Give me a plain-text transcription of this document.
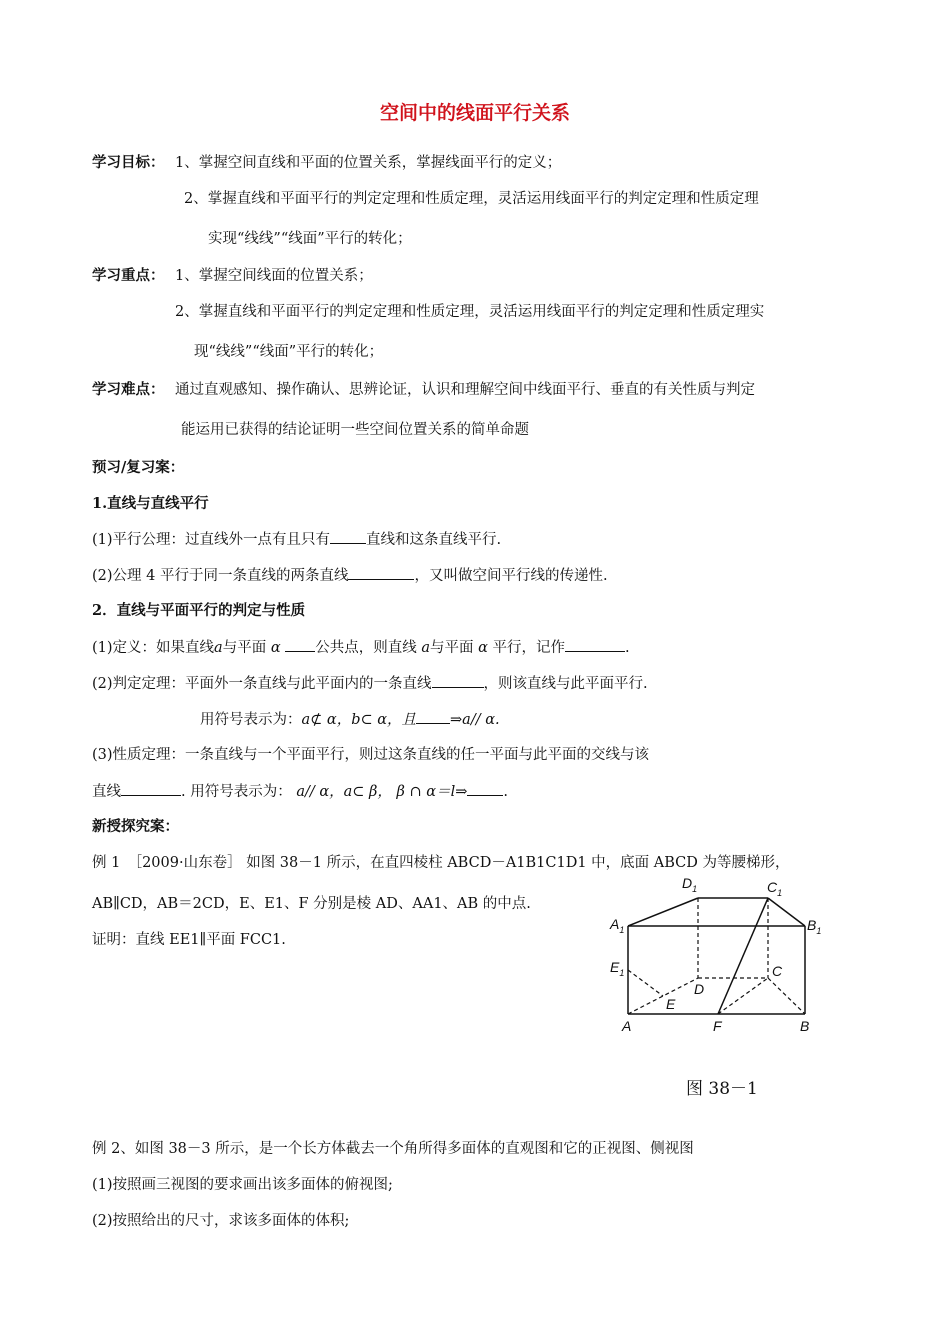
空间中的线面平行关系
学习目标： 1、掌握空间直线和平面的位置关系，掌握线面平行的定义；
2、掌握直线和平面平行的判定定理和性质定理，灵活运用线面平行的判定定理和性质定理
实现“线线”“线面”平行的转化；
学习重点： 1、掌握空间线面的位置关系；
2、掌握直线和平面平行的判定定理和性质定理，灵活运用线面平行的判定定理和性质定理实
现“线线”“线面”平行的转化；
学习难点： 通过直观感知、操作确认、思辨论证，认识和理解空间中线面平行、垂直的有关性质与判定
能运用已获得的结论证明一些空间位置关系的简单命题
预习/复习案：
1.直线与直线平行
(1)平行公理：过直线外一点有且只有 直线和这条直线平行.
(2)公理 4 平行于同一条直线的两条直线	，又叫做空间平行线的传递性.
2．直线与平面平行的判定与性质
(1)定义：如果直线a与平面 α 公共点，则直线 a与平面 α 平行，记作	.
(2)判定定理：平面外一条直线与此平面内的一条直线	，则该直线与此平面平行.
用符号表示为：a⊄ α，b⊂ α，且 ⇒a// α.
(3)性质定理：一条直线与一个平面平行，则过这条直线的任一平面与此平面的交线与该
直线	. 用符号表示为： a// α，a⊂ β， β ∩ α＝l⇒ .
新授探究案：
例 1　［2009·山东卷］ 如图 38－1 所示，在直四棱柱 ABCD－A1B1C1D1 中，底面 ABCD 为等腰梯形，
AB∥CD，AB＝2CD，E、E1、F 分别是棱 AD、AA1、AB 的中点.
证明：直线 EE1∥平面 FCC1.
$D_1$	$C_1$
$A_1$	$B_1$
$E_1$	C
D
E
A	F	B
图 38－1
例 2、如图 38－3 所示，是一个长方体截去一个角所得多面体的直观图和它的正视图、侧视图
(1)按照画三视图的要求画出该多面体的俯视图;
(2)按照给出的尺寸，求该多面体的体积;
